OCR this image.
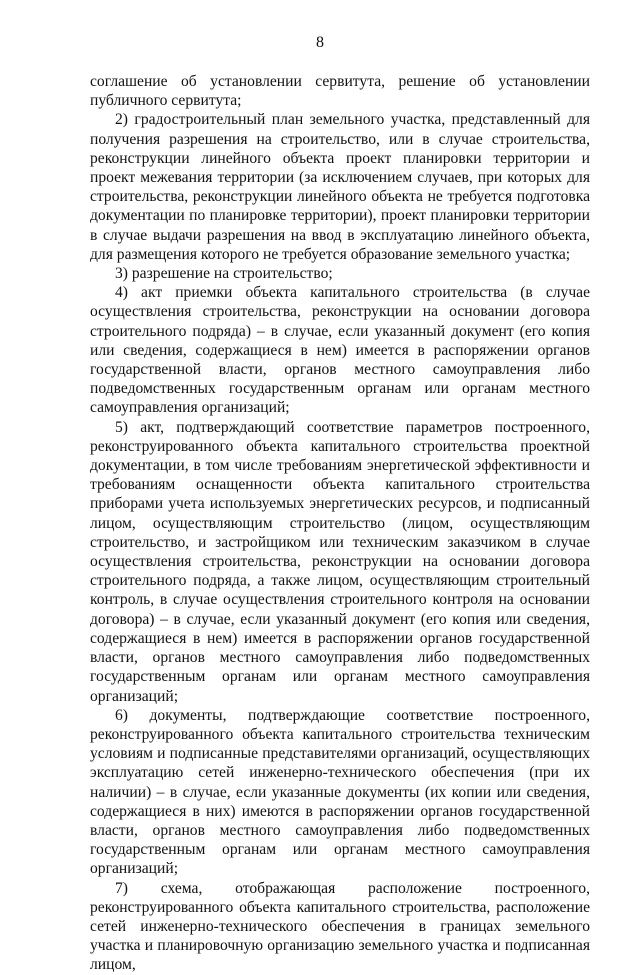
8

соглашение об установлении сервитута, решение об установлении публичного сервитута;

2) градостроительный план земельного участка, представленный для получения разрешения на строительство, или в случае строительства, реконструкции линейного объекта проект планировки территории и проект межевания территории (за исключением случаев, при которых для строительства, реконструкции линейного объекта не требуется подготовка документации по планировке территории), проект планировки территории в случае выдачи разрешения на ввод в эксплуатацию линейного объекта, для размещения которого не требуется образование земельного участка;

3) разрешение на строительство;

4) акт приемки объекта капитального строительства (в случае осуществления строительства, реконструкции на основании договора строительного подряда) – в случае, если указанный документ (его копия или сведения, содержащиеся в нем) имеется в распоряжении органов государственной власти, органов местного самоуправления либо подведомственных государственным органам или органам местного самоуправления организаций;

5) акт, подтверждающий соответствие параметров построенного, реконструированного объекта капитального строительства проектной документации, в том числе требованиям энергетической эффективности и требованиям оснащенности объекта капитального строительства приборами учета используемых энергетических ресурсов, и подписанный лицом, осуществляющим строительство (лицом, осуществляющим строительство, и застройщиком или техническим заказчиком в случае осуществления строительства, реконструкции на основании договора строительного подряда, а также лицом, осуществляющим строительный контроль, в случае осуществления строительного контроля на основании договора) – в случае, если указанный документ (его копия или сведения, содержащиеся в нем) имеется в распоряжении органов государственной власти, органов местного самоуправления либо подведомственных государственным органам или органам местного самоуправления организаций;

6) документы, подтверждающие соответствие построенного, реконструированного объекта капитального строительства техническим условиям и подписанные представителями организаций, осуществляющих эксплуатацию сетей инженерно-технического обеспечения (при их наличии) – в случае, если указанные документы (их копии или сведения, содержащиеся в них) имеются в распоряжении органов государственной власти, органов местного самоуправления либо подведомственных государственным органам или органам местного самоуправления организаций;

7) схема, отображающая расположение построенного, реконструированного объекта капитального строительства, расположение сетей инженерно-технического обеспечения в границах земельного участка и планировочную организацию земельного участка и подписанная лицом,
